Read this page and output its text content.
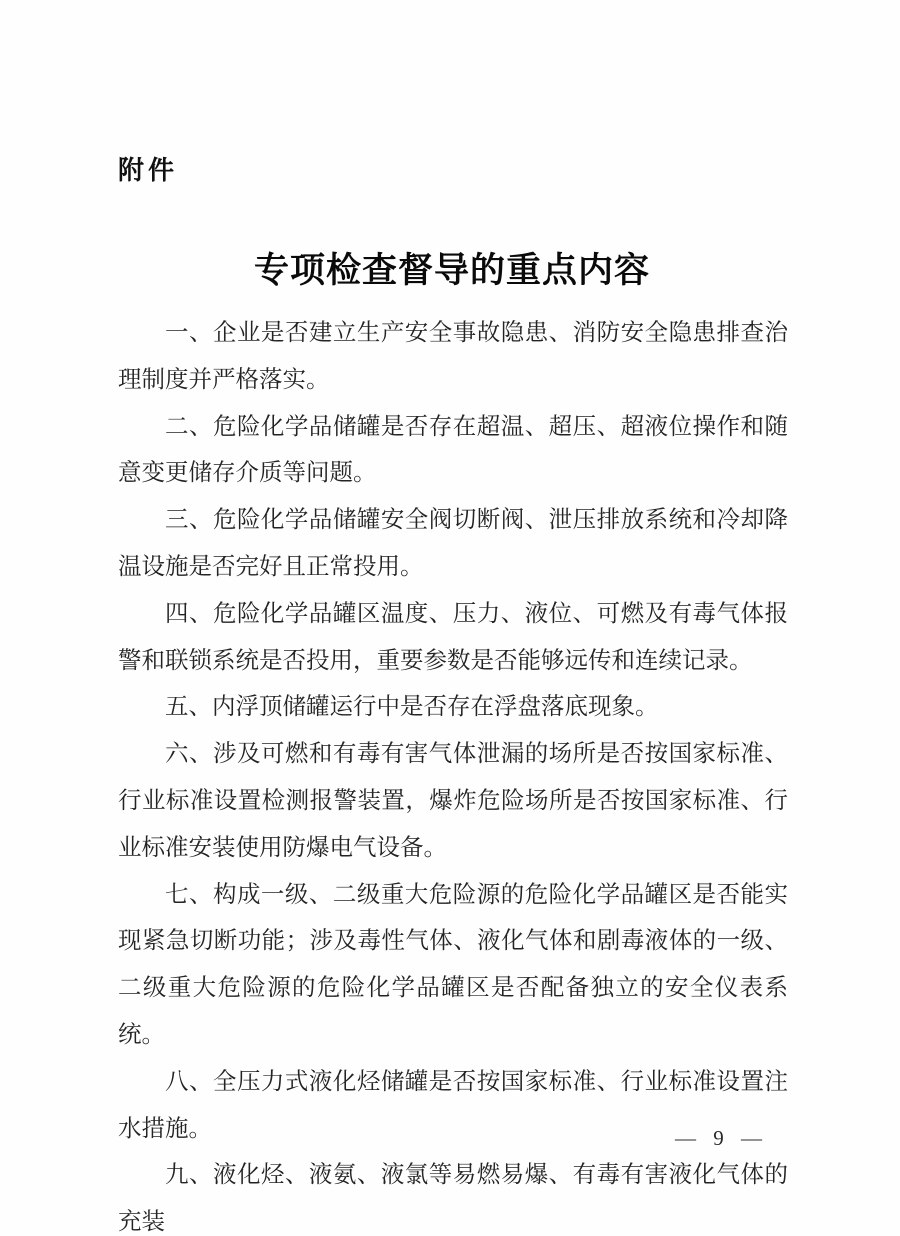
附件
专项检查督导的重点内容

一、企业是否建立生产安全事故隐患、消防安全隐患排查治理制度并严格落实。

二、危险化学品储罐是否存在超温、超压、超液位操作和随意变更储存介质等问题。

三、危险化学品储罐安全阀切断阀、泄压排放系统和冷却降温设施是否完好且正常投用。

四、危险化学品罐区温度、压力、液位、可燃及有毒气体报警和联锁系统是否投用，重要参数是否能够远传和连续记录。

五、内浮顶储罐运行中是否存在浮盘落底现象。

六、涉及可燃和有毒有害气体泄漏的场所是否按国家标准、行业标准设置检测报警装置，爆炸危险场所是否按国家标准、行业标准安装使用防爆电气设备。

七、构成一级、二级重大危险源的危险化学品罐区是否能实现紧急切断功能；涉及毒性气体、液化气体和剧毒液体的一级、二级重大危险源的危险化学品罐区是否配备独立的安全仪表系统。

八、全压力式液化烃储罐是否按国家标准、行业标准设置注水措施。

九、液化烃、液氨、液氯等易燃易爆、有毒有害液化气体的充装

— 9 —
